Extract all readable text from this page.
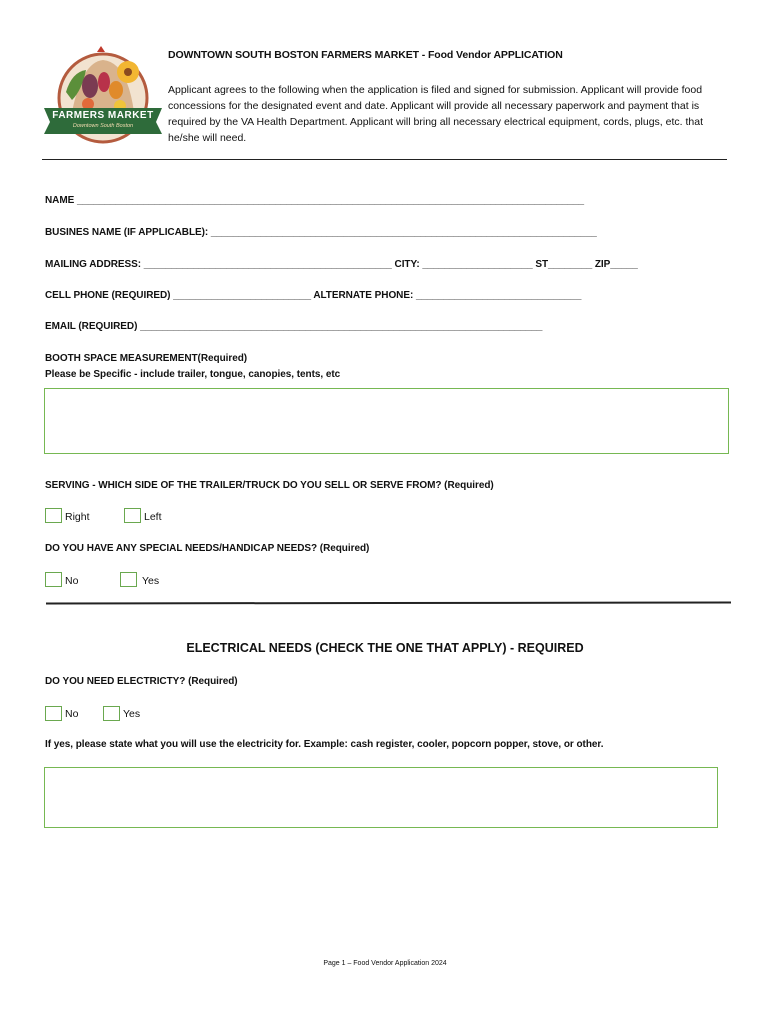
FARMERS MARKET
Downtown South Boston
DOWNTOWN SOUTH BOSTON FARMERS MARKET - Food Vendor APPLICATION
Applicant agrees to the following when the application is filed and signed for submission. Applicant will provide food concessions for the designated event and date. Applicant will provide all necessary paperwork and payment that is required by the VA Health Department. Applicant will bring all necessary electrical equipment, cords, plugs, etc. that he/she will need.
NAME ____________________________________________________________________________________________
BUSINES NAME (IF APPLICABLE): ______________________________________________________________________
MAILING ADDRESS: _____________________________________________ CITY: ____________________ ST________ ZIP_____
CELL PHONE (REQUIRED) _________________________ ALTERNATE PHONE: ______________________________
EMAIL (REQUIRED) _________________________________________________________________________
BOOTH SPACE MEASUREMENT(Required)
Please be Specific - include trailer, tongue, canopies, tents, etc
SERVING - WHICH SIDE OF THE TRAILER/TRUCK DO YOU SELL OR SERVE FROM? (Required)
Right	Left
DO YOU HAVE ANY SPECIAL NEEDS/HANDICAP NEEDS? (Required)
No	Yes
ELECTRICAL NEEDS (CHECK THE ONE THAT APPLY) - REQUIRED
DO YOU NEED ELECTRICTY? (Required)
No	Yes
If yes, please state what you will use the electricity for. Example: cash register, cooler, popcorn popper, stove, or other.
Page 1 – Food Vendor Application 2024
